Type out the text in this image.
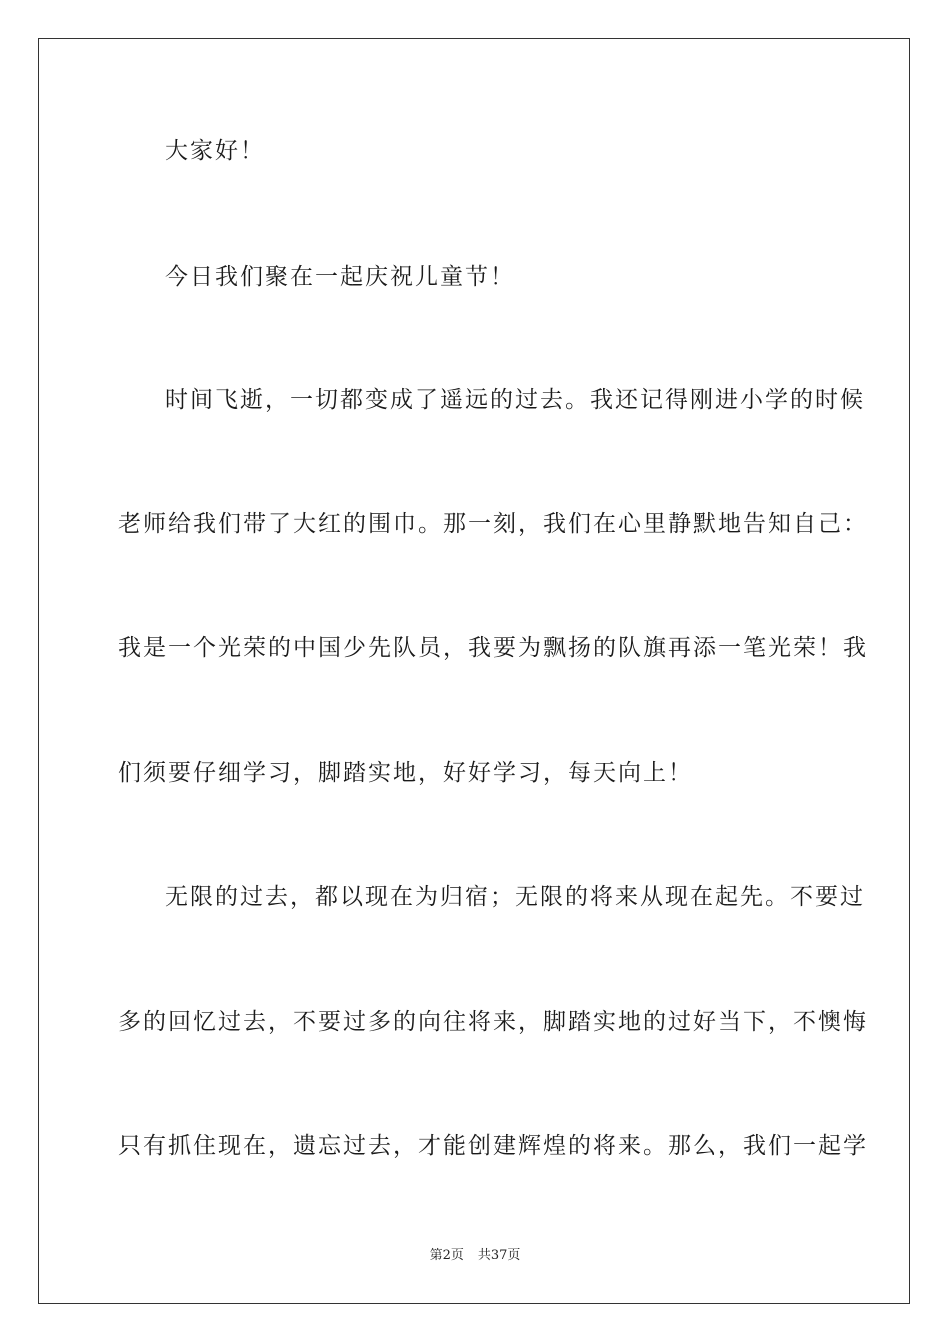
大家好！
今日我们聚在一起庆祝儿童节！
时间飞逝，一切都变成了遥远的过去。我还记得刚进小学的时候
老师给我们带了大红的围巾。那一刻，我们在心里静默地告知自己：
我是一个光荣的中国少先队员，我要为飘扬的队旗再添一笔光荣！我
们须要仔细学习，脚踏实地，好好学习，每天向上！
无限的过去，都以现在为归宿；无限的将来从现在起先。不要过
多的回忆过去，不要过多的向往将来，脚踏实地的过好当下，不懊悔
只有抓住现在，遗忘过去，才能创建辉煌的将来。那么，我们一起学
第2页 共37页
